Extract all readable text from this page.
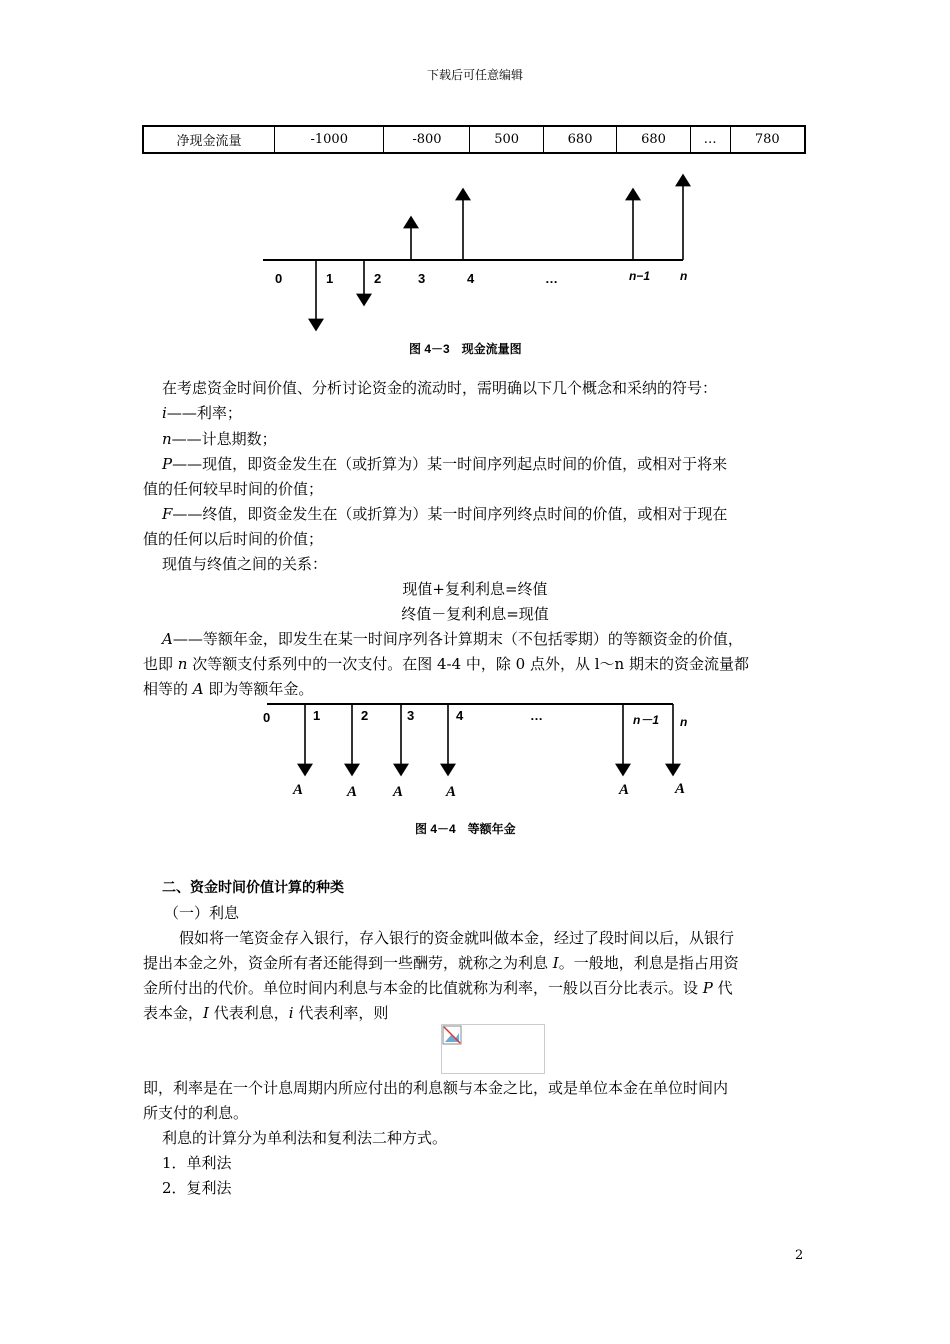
下载后可任意编辑
净现金流量	-1000	-800	500	680	680	…	780
0	1	2	3	4	…	n−1 n
图 4－3　现金流量图
在考虑资金时间价值、分析讨论资金的流动时，需明确以下几个概念和采纳的符号：
i——利率；
n——计息期数；
P——现值，即资金发生在（或折算为）某一时间序列起点时间的价值，或相对于将来
值的任何较早时间的价值；
F——终值，即资金发生在（或折算为）某一时间序列终点时间的价值，或相对于现在
值的任何以后时间的价值；
现值与终值之间的关系：
现值+复利利息=终值
终值－复利利息=现值
A——等额年金，即发生在某一时间序列各计算期末（不包括零期）的等额资金的价值，
也即 n 次等额支付系列中的一次支付。在图 4-4 中，除 0 点外，从 l～n 期末的资金流量都
相等的 A 即为等额年金。
0	1	2	3	4	…	n－1 n
A	A A	A	A	A
图 4－4　等额年金
二、资金时间价值计算的种类
（一）利息
假如将一笔资金存入银行，存入银行的资金就叫做本金，经过了段时间以后，从银行
提出本金之外，资金所有者还能得到一些酬劳，就称之为利息 I。一般地，利息是指占用资
金所付出的代价。单位时间内利息与本金的比值就称为利率，一般以百分比表示。设 P 代
表本金，I 代表利息，i 代表利率，则
即，利率是在一个计息周期内所应付出的利息额与本金之比，或是单位本金在单位时间内
所支付的利息。
利息的计算分为单利法和复利法二种方式。
1．单利法
2．复利法
2
